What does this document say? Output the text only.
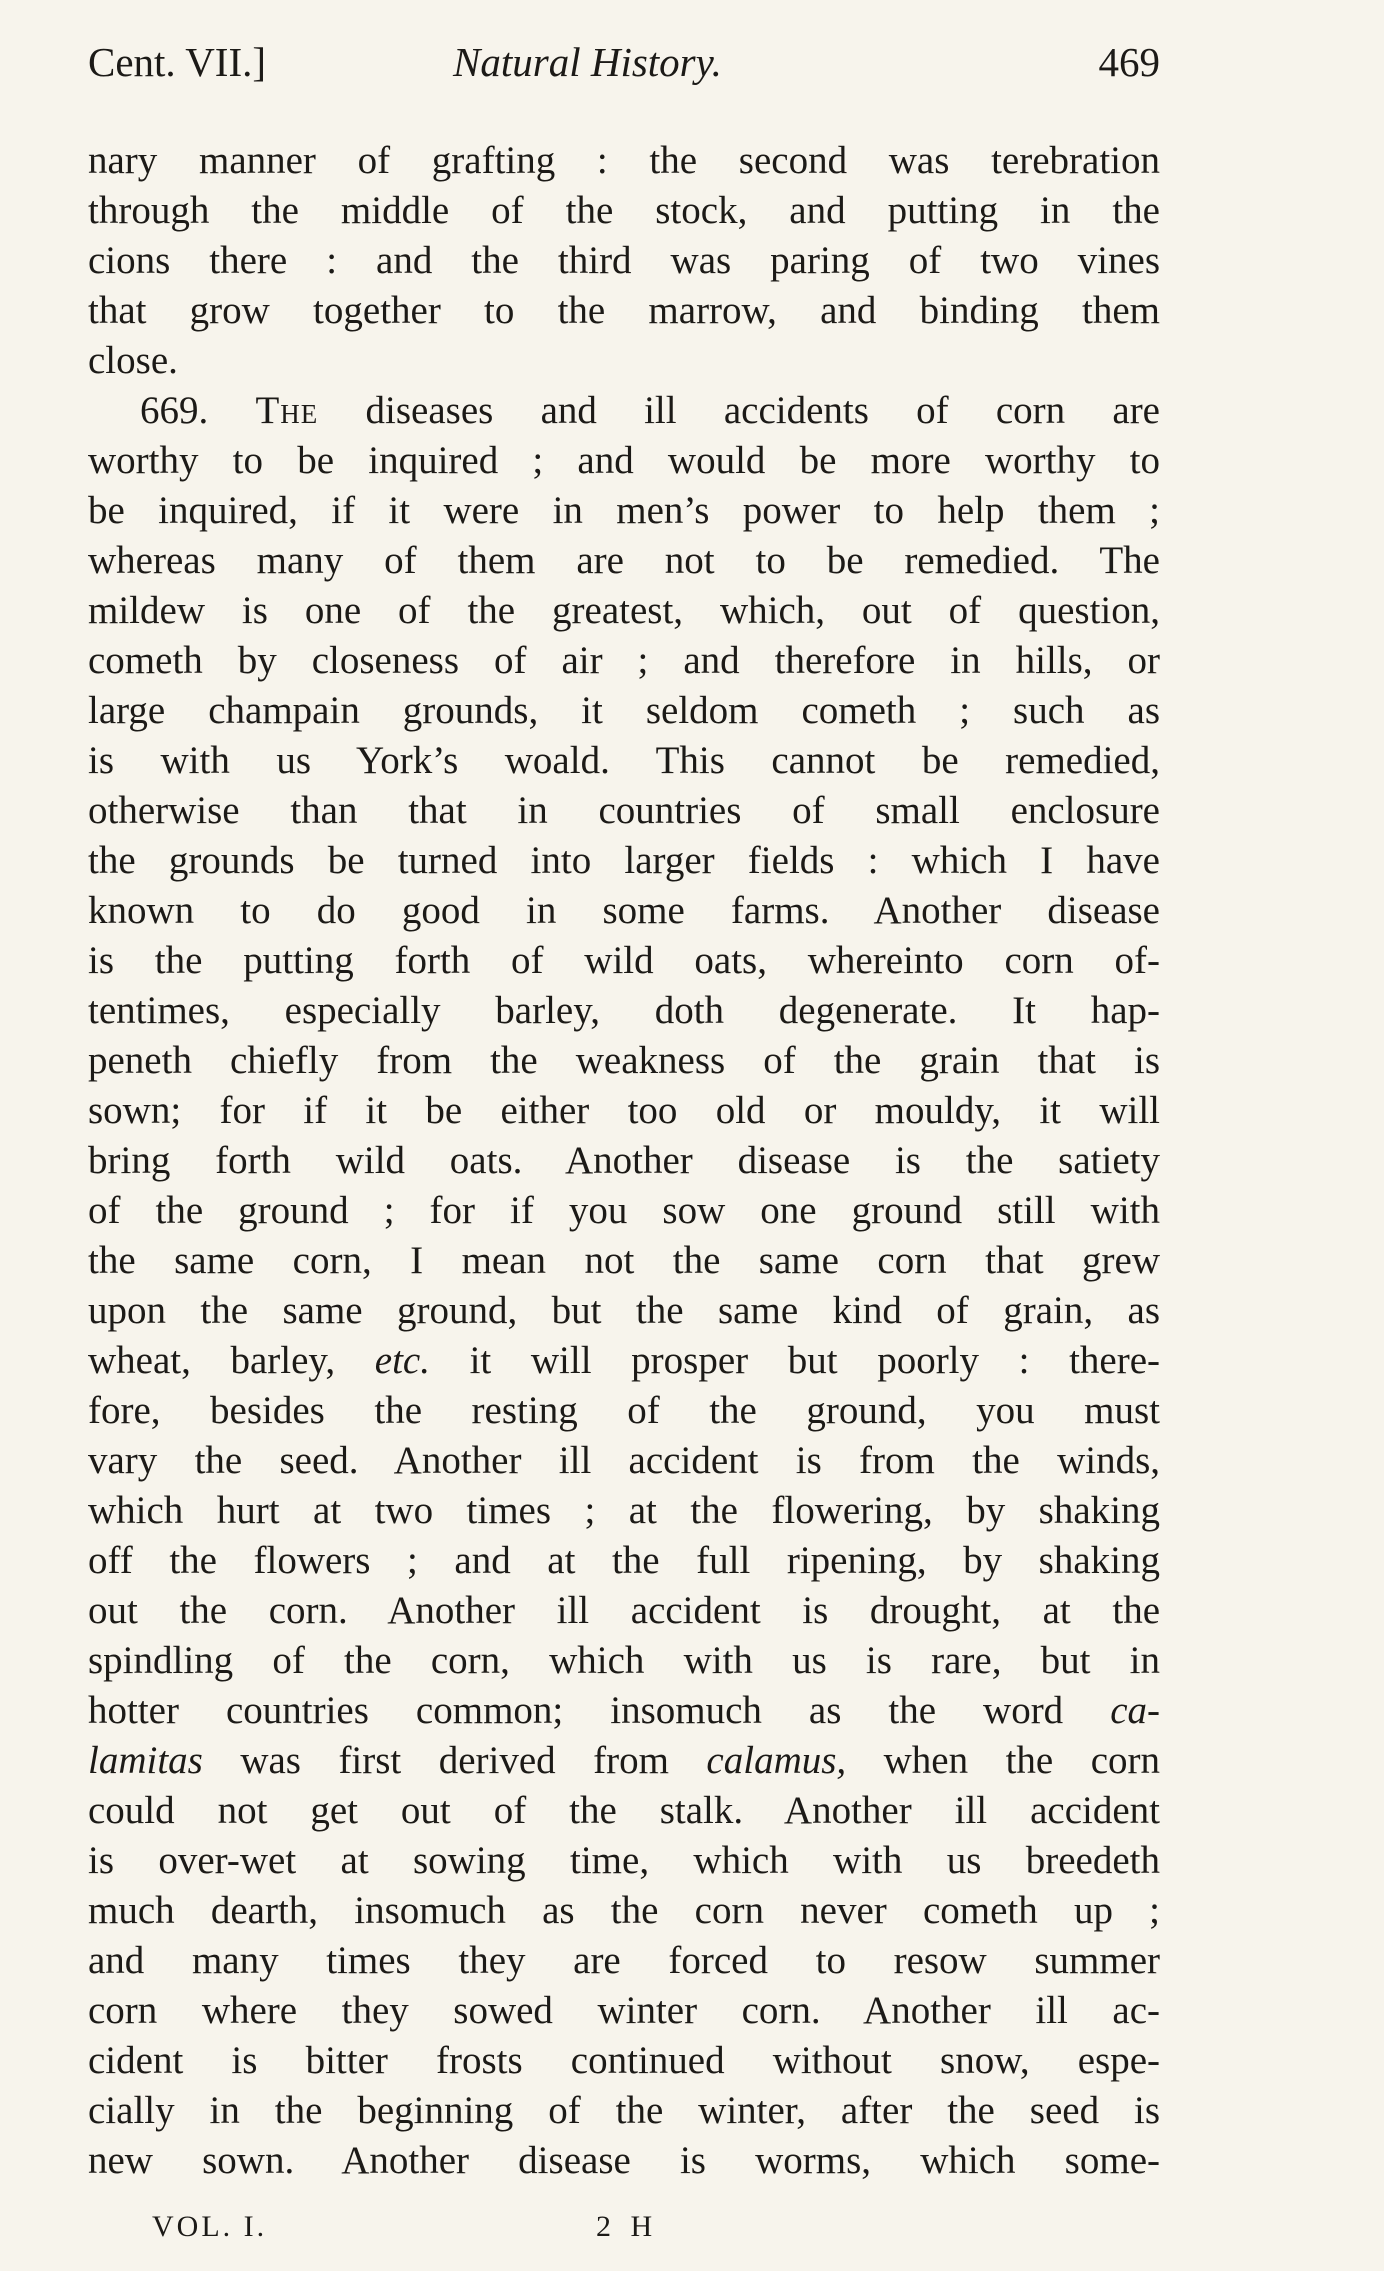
Cent. VII.]	Natural History.	469
nary manner of grafting : the second was terebration
through the middle of the stock, and putting in the
cions there : and the third was paring of two vines
that grow together to the marrow, and binding them
close.
669. The diseases and ill accidents of corn are
worthy to be inquired ; and would be more worthy to
be inquired, if it were in men’s power to help them ;
whereas many of them are not to be remedied. The
mildew is one of the greatest, which, out of question,
cometh by closeness of air ; and therefore in hills, or
large champain grounds, it seldom cometh ; such as
is with us York’s woald. This cannot be remedied,
otherwise than that in countries of small enclosure
the grounds be turned into larger fields : which I have
known to do good in some farms. Another disease
is the putting forth of wild oats, whereinto corn of-
tentimes, especially barley, doth degenerate. It hap-
peneth chiefly from the weakness of the grain that is
sown; for if it be either too old or mouldy, it will
bring forth wild oats. Another disease is the satiety
of the ground ; for if you sow one ground still with
the same corn, I mean not the same corn that grew
upon the same ground, but the same kind of grain, as
wheat, barley, etc. it will prosper but poorly : there-
fore, besides the resting of the ground, you must
vary the seed. Another ill accident is from the winds,
which hurt at two times ; at the flowering, by shaking
off the flowers ; and at the full ripening, by shaking
out the corn. Another ill accident is drought, at the
spindling of the corn, which with us is rare, but in
hotter countries common; insomuch as the word ca-
lamitas was first derived from calamus, when the corn
could not get out of the stalk. Another ill accident
is over-wet at sowing time, which with us breedeth
much dearth, insomuch as the corn never cometh up ;
and many times they are forced to resow summer
corn where they sowed winter corn. Another ill ac-
cident is bitter frosts continued without snow, espe-
cially in the beginning of the winter, after the seed is
new sown. Another disease is worms, which some-
VOL. I.	2 H
